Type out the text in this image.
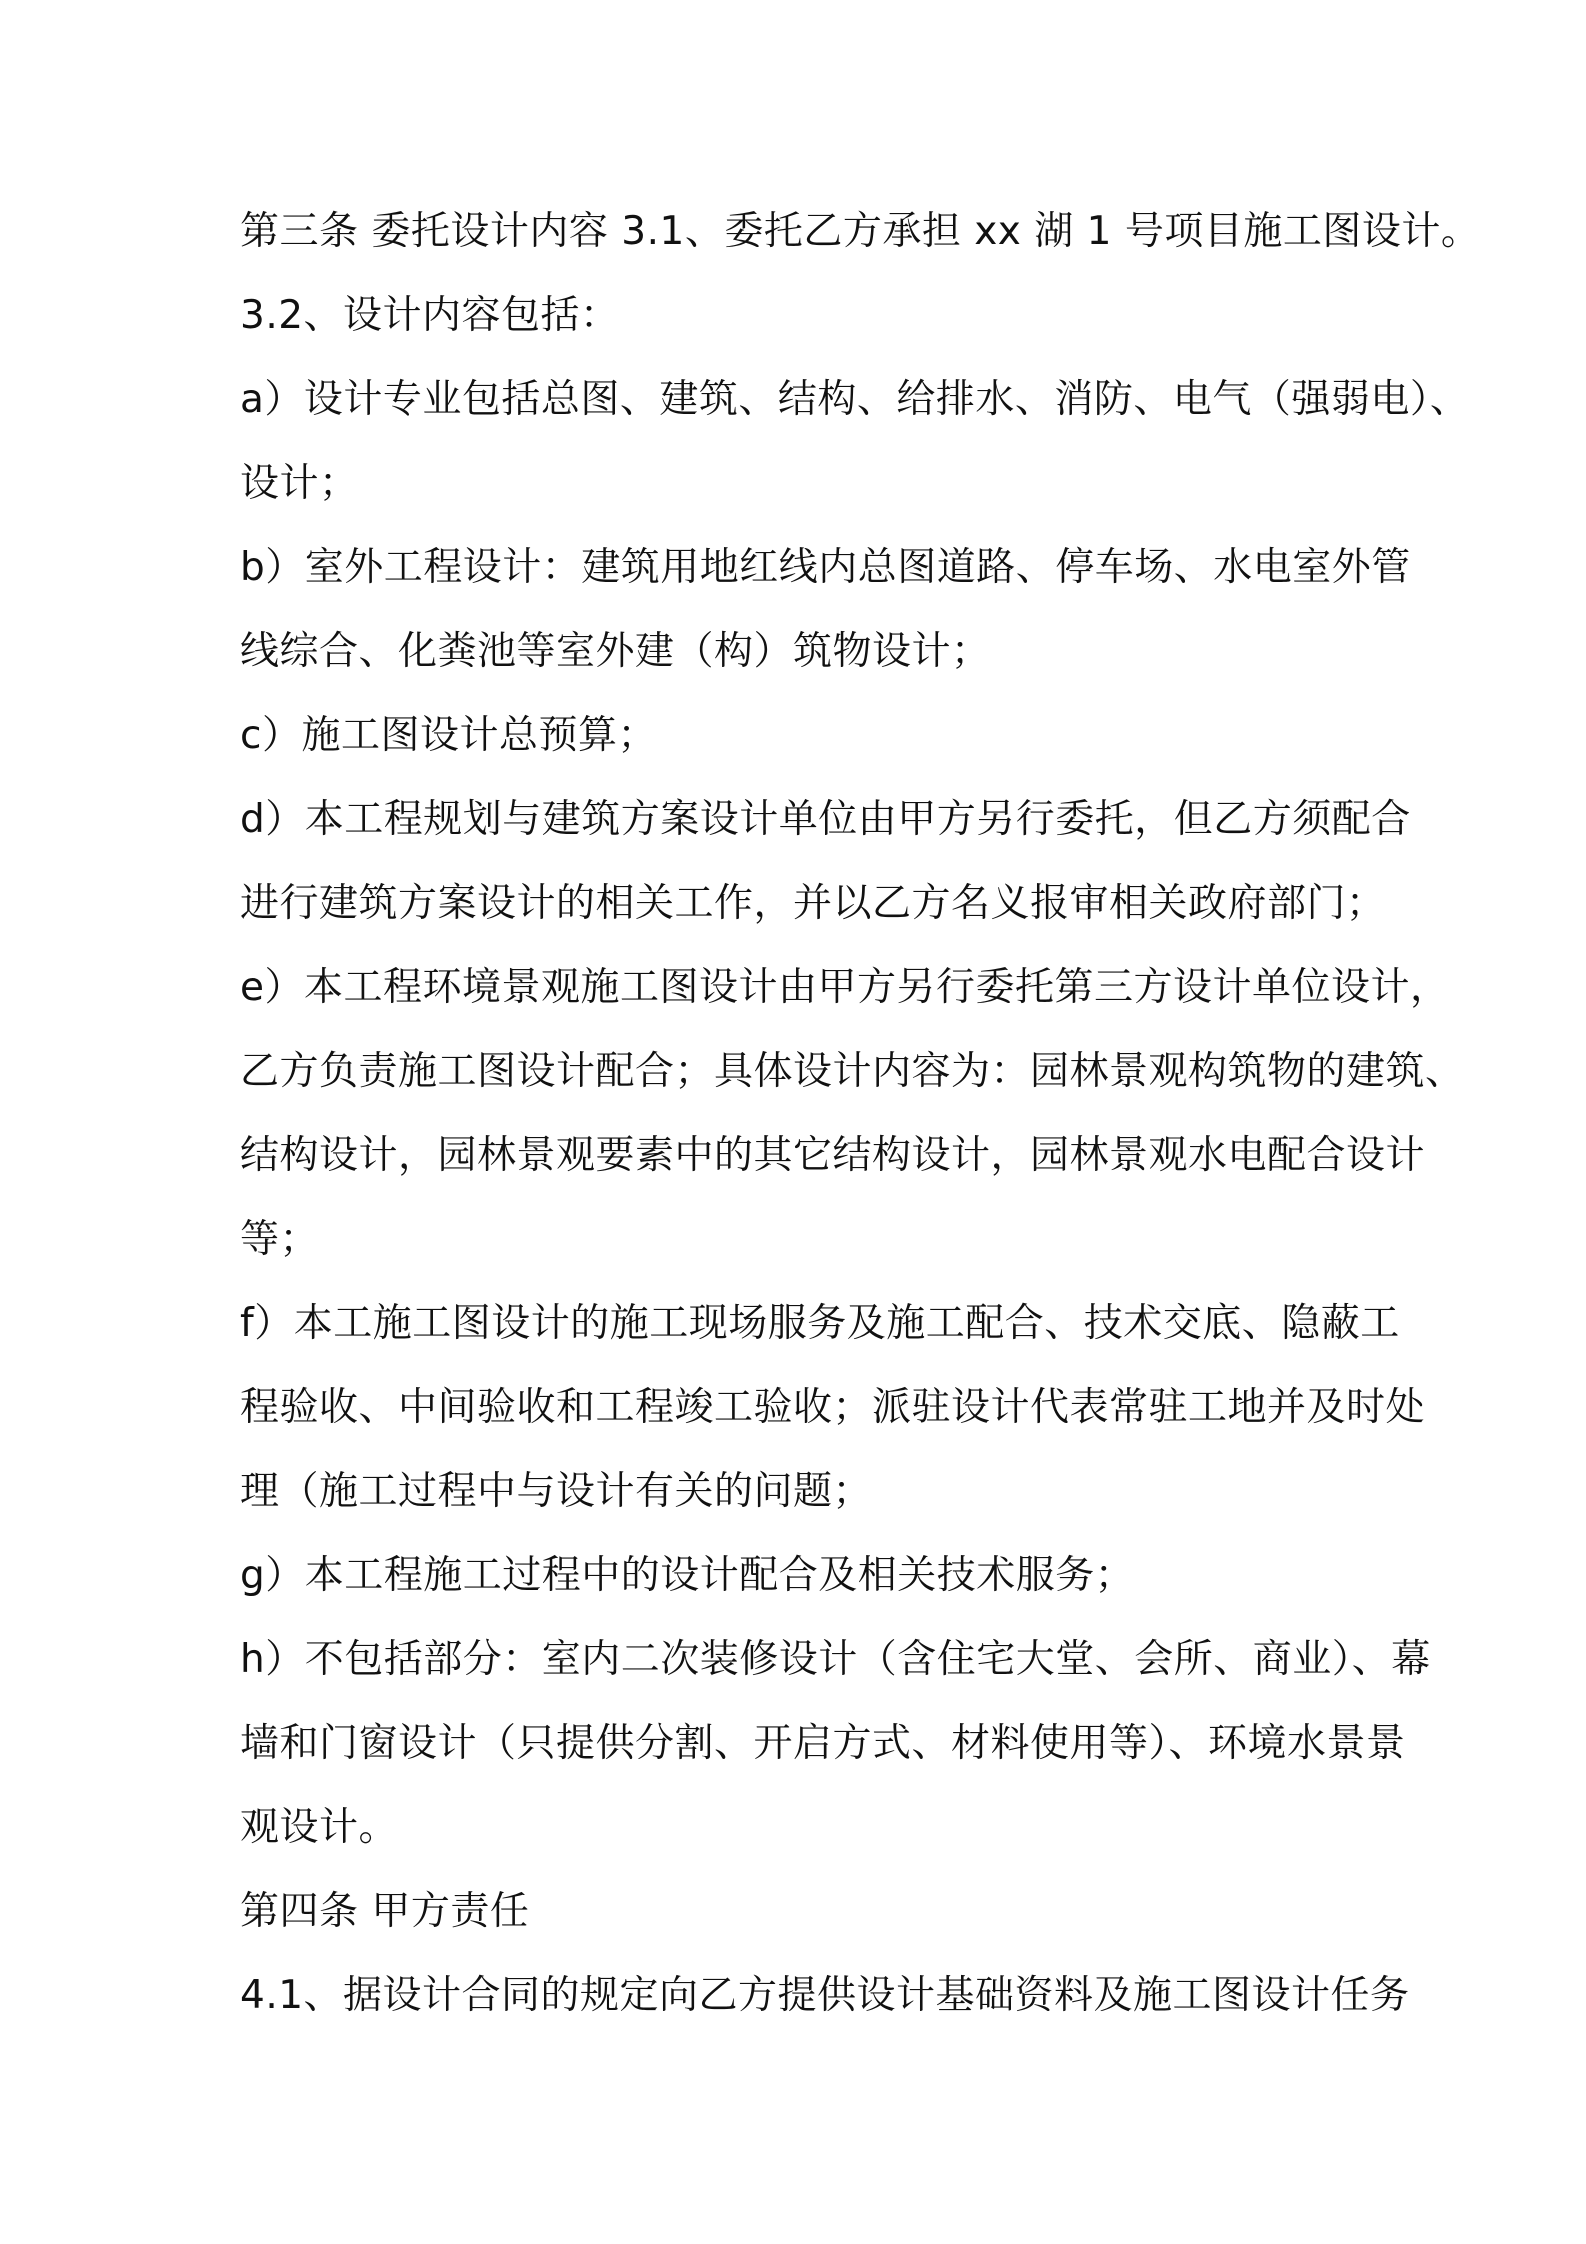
第三条 委托设计内容 3.1、委托乙方承担 xx 湖 1 号项目施工图设计。
3.2、设计内容包括：
a）设计专业包括总图、建筑、结构、给排水、消防、电气（强弱电）、
设计；
b）室外工程设计：建筑用地红线内总图道路、停车场、水电室外管
线综合、化粪池等室外建（构）筑物设计；
c）施工图设计总预算；
d）本工程规划与建筑方案设计单位由甲方另行委托，但乙方须配合
进行建筑方案设计的相关工作，并以乙方名义报审相关政府部门；
e）本工程环境景观施工图设计由甲方另行委托第三方设计单位设计，
乙方负责施工图设计配合；具体设计内容为：园林景观构筑物的建筑、
结构设计，园林景观要素中的其它结构设计，园林景观水电配合设计
等；
f）本工施工图设计的施工现场服务及施工配合、技术交底、隐蔽工
程验收、中间验收和工程竣工验收；派驻设计代表常驻工地并及时处
理（施工过程中与设计有关的问题；
g）本工程施工过程中的设计配合及相关技术服务；
h）不包括部分：室内二次装修设计（含住宅大堂、会所、商业）、幕
墙和门窗设计（只提供分割、开启方式、材料使用等）、环境水景景
观设计。
第四条 甲方责任
4.1、据设计合同的规定向乙方提供设计基础资料及施工图设计任务
